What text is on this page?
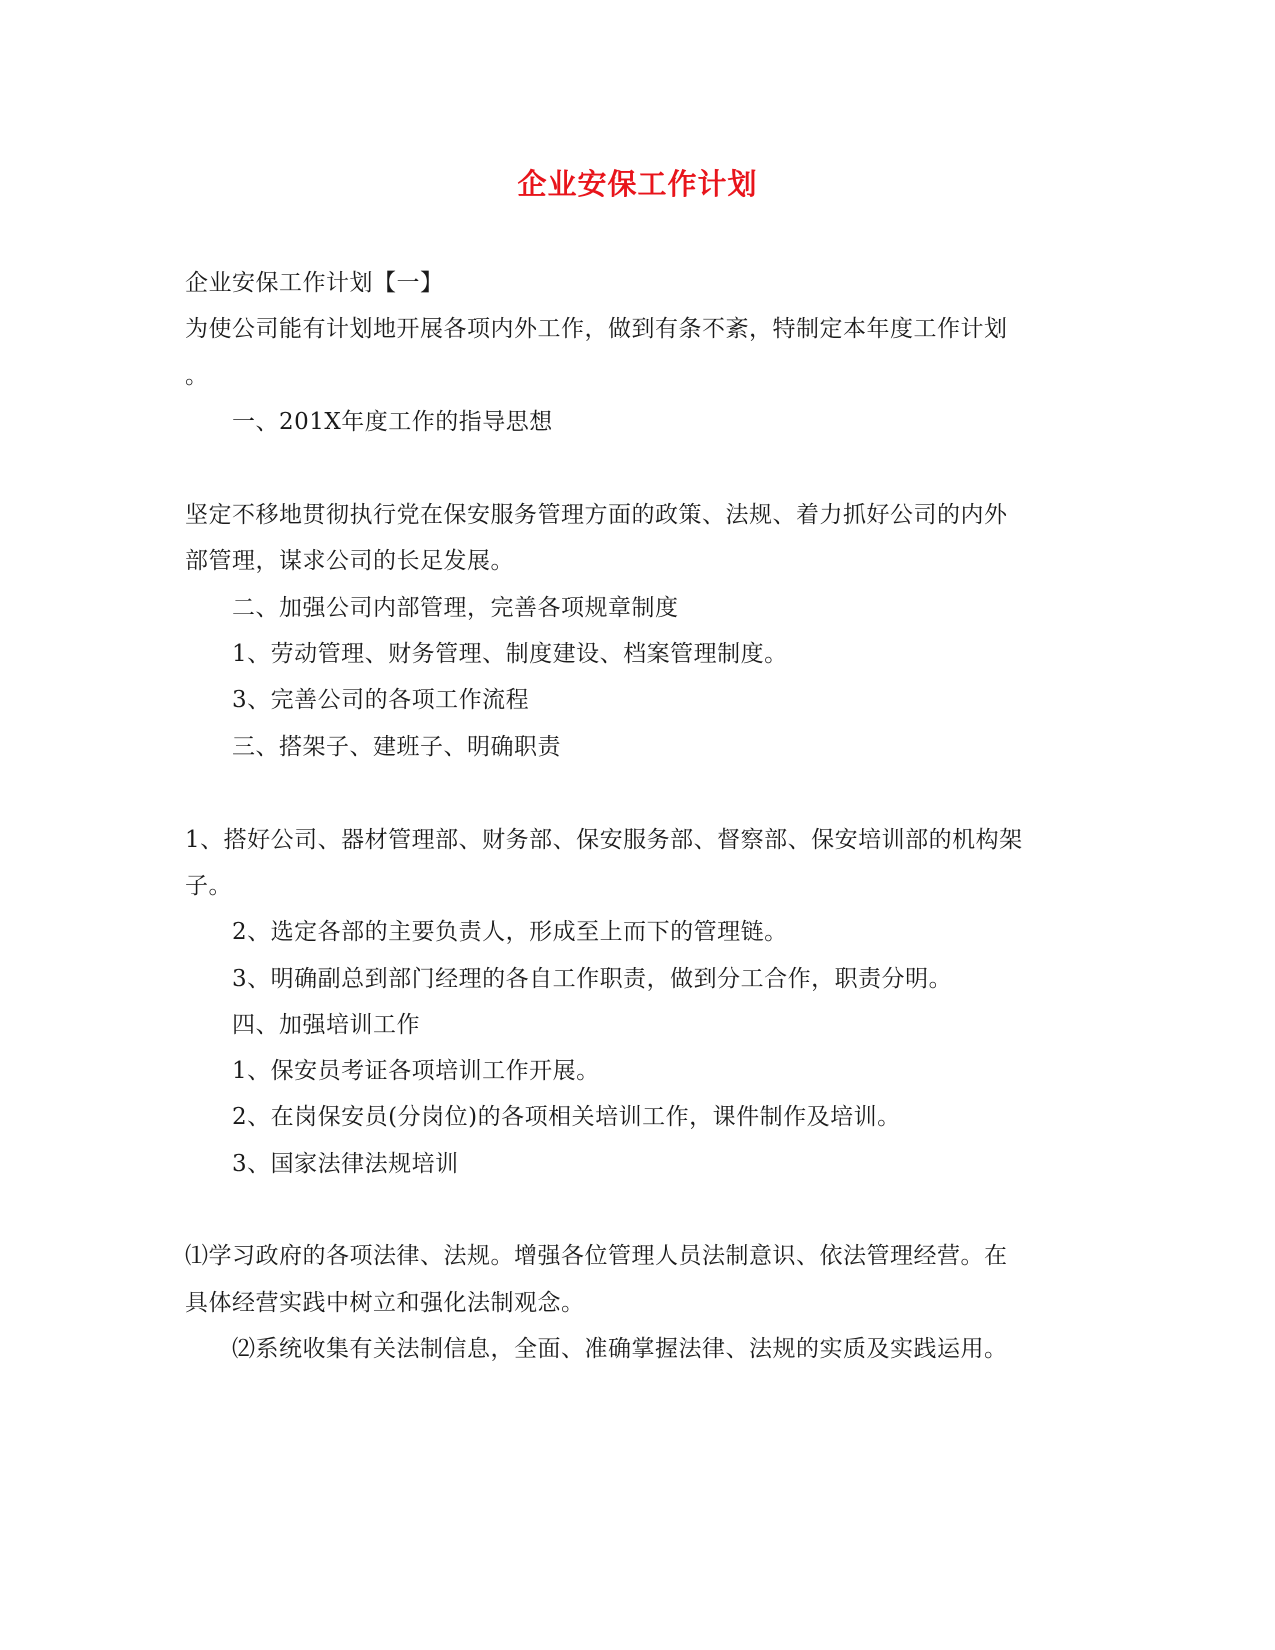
企业安保工作计划
企业安保工作计划【一】
为使公司能有计划地开展各项内外工作，做到有条不紊，特制定本年度工作计划
。
一、201X年度工作的指导思想
坚定不移地贯彻执行党在保安服务管理方面的政策、法规、着力抓好公司的内外
部管理，谋求公司的长足发展。
二、加强公司内部管理，完善各项规章制度
1、劳动管理、财务管理、制度建设、档案管理制度。
3、完善公司的各项工作流程
三、搭架子、建班子、明确职责
1、搭好公司、器材管理部、财务部、保安服务部、督察部、保安培训部的机构架
子。
2、选定各部的主要负责人，形成至上而下的管理链。
3、明确副总到部门经理的各自工作职责，做到分工合作，职责分明。
四、加强培训工作
1、保安员考证各项培训工作开展。
2、在岗保安员(分岗位)的各项相关培训工作，课件制作及培训。
3、国家法律法规培训
⑴学习政府的各项法律、法规。增强各位管理人员法制意识、依法管理经营。在
具体经营实践中树立和强化法制观念。
⑵系统收集有关法制信息，全面、准确掌握法律、法规的实质及实践运用。
